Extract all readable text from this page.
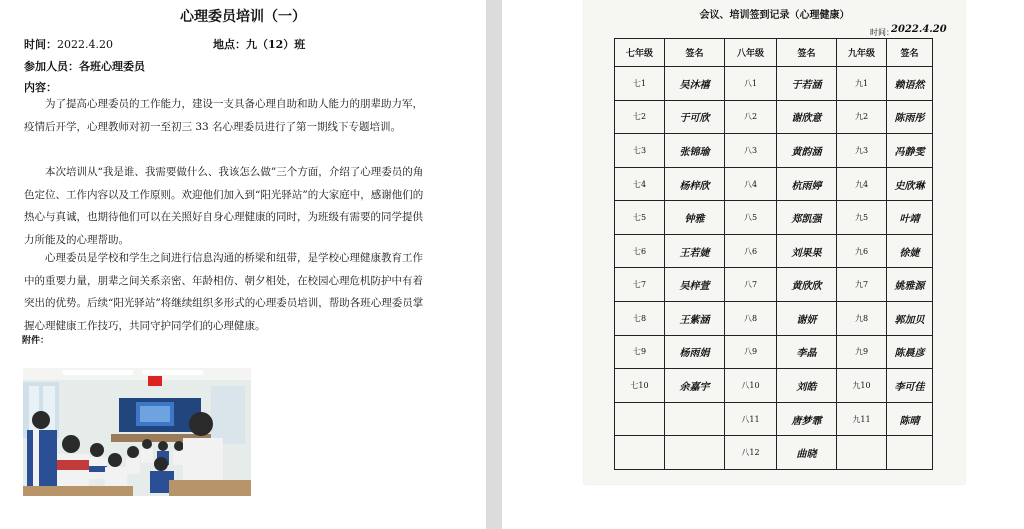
心理委员培训（一）
时间：2022.4.20	地点：九（12）班
参加人员：各班心理委员
内容：
为了提高心理委员的工作能力，建设一支具备心理自助和助人能力的朋辈助力军，疫情后开学，心理教师对初一至初三 33 名心理委员进行了第一期线下专题培训。
本次培训从“我是谁、我需要做什么、我该怎么做”三个方面，介绍了心理委员的角色定位、工作内容以及工作原则。欢迎他们加入到“阳光驿站”的大家庭中，感谢他们的热心与真诚，也期待他们可以在关照好自身心理健康的同时，为班级有需要的同学提供力所能及的心理帮助。
心理委员是学校和学生之间进行信息沟通的桥梁和纽带，是学校心理健康教育工作中的重要力量，朋辈之间关系亲密、年龄相仿、朝夕相处，在校园心理危机防护中有着突出的优势。后续“阳光驿站”将继续组织多形式的心理委员培训，帮助各班心理委员掌握心理健康工作技巧，共同守护同学们的心理健康。
附件：
会议、培训签到记录（心理健康）
时间：
2022.4.20
七年级	签名	八年级	签名	九年级	签名
七1	吴沐禧	八1	于若涵	九1	赖语然
七2	于可欣	八2	谢欣意	九2	陈雨彤
七3	张锦瑜	八3	黄韵涵	九3	冯静雯
七4	杨梓欣	八4	杭雨婷	九4	史欣琳
七5	钟雅	八5	郑凯强	九5	叶靖
七6	王若婕	八6	刘果果	九6	徐婕
七7	吴梓萱	八7	黄欣欣	九7	姚雅源
七8	王紫涵	八8	谢妍	九8	郭加贝
七9	杨雨娟	八9	李晶	九9	陈晨彦
七10	余嘉宇	八10	刘皓	九10	李可佳
		八11	唐梦霏	九11	陈晴
		八12	曲晓		
